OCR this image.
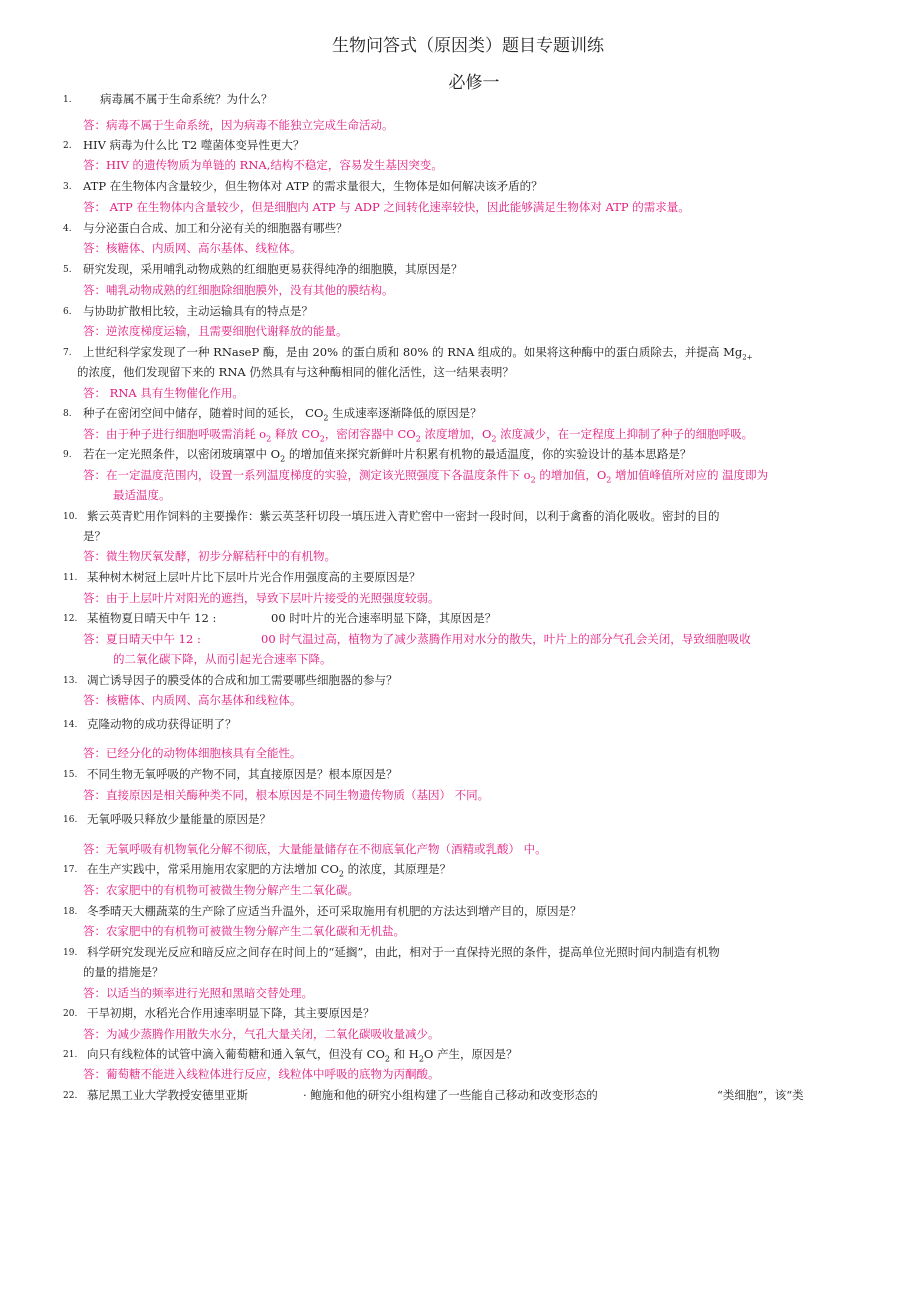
生物问答式（原因类）题目专题训练
必修一
1. 病毒属不属于生命系统？为什么？
答：病毒不属于生命系统，因为病毒不能独立完成生命活动。
2. HIV 病毒为什么比 T2 噬菌体变异性更大？
答：HIV 的遗传物质为单链的 RNA,结构不稳定，容易发生基因突变。
3. ATP 在生物体内含量较少，但生物体对 ATP 的需求量很大，生物体是如何解决该矛盾的？
答： ATP 在生物体内含量较少，但是细胞内 ATP 与 ADP 之间转化速率较快，因此能够满足生物体对 ATP 的需求量。
4. 与分泌蛋白合成、加工和分泌有关的细胞器有哪些？
答：核糖体、内质网、高尔基体、线粒体。
5. 研究发现，采用哺乳动物成熟的红细胞更易获得纯净的细胞膜，其原因是？
答：哺乳动物成熟的红细胞除细胞膜外，没有其他的膜结构。
6. 与协助扩散相比较，主动运输具有的特点是？
答：逆浓度梯度运输，且需要细胞代谢释放的能量。
7. 上世纪科学家发现了一种 RNaseP 酶，是由 20% 的蛋白质和 80% 的 RNA 组成的。如果将这种酶中的蛋白质除去，并提高 $Mg_{2+}$
的浓度，他们发现留下来的 RNA 仍然具有与这种酶相同的催化活性，这一结果表明？
答： RNA 具有生物催化作用。
8. 种子在密闭空间中储存，随着时间的延长， $CO_2$ 生成速率逐渐降低的原因是？
答：由于种子进行细胞呼吸需消耗 $o_2$ 释放 $CO_2$，密闭容器中 $CO_2$ 浓度增加，$O_2$ 浓度减少，在一定程度上抑制了种子的细胞呼吸。
9. 若在一定光照条件，以密闭玻璃罩中 $O_2$ 的增加值来探究新鲜叶片积累有机物的最适温度，你的实验设计的基本思路是？
答：在一定温度范围内，设置一系列温度梯度的实验，测定该光照强度下各温度条件下 $o_2$ 的增加值，$O_2$ 增加值峰值所对应的 温度即为
最适温度。
10. 紫云英青贮用作饲料的主要操作：紫云英茎秆切段一填压进入青贮窖中一密封一段时间，以利于禽畜的消化吸收。密封的目的
是？
答：微生物厌氧发酵，初步分解秸秆中的有机物。
11. 某种树木树冠上层叶片比下层叶片光合作用强度高的主要原因是？
答：由于上层叶片对阳光的遮挡，导致下层叶片接受的光照强度较弱。
12. 某植物夏日晴天中午 12 :	00 时叶片的光合速率明显下降，其原因是？
答：夏日晴天中午 12 :	00 时气温过高，植物为了减少蒸腾作用对水分的散失，叶片上的部分气孔会关闭，导致细胞吸收
的二氧化碳下降，从而引起光合速率下降。
13. 凋亡诱导因子的膜受体的合成和加工需要哪些细胞器的参与？
答：核糖体、内质网、高尔基体和线粒体。
14. 克隆动物的成功获得证明了？
答：已经分化的动物体细胞核具有全能性。
15. 不同生物无氧呼吸的产物不同，其直接原因是？根本原因是？
答：直接原因是相关酶种类不同，根本原因是不同生物遗传物质（基因） 不同。
16. 无氧呼吸只释放少量能量的原因是？
答：无氧呼吸有机物氧化分解不彻底，大量能量储存在不彻底氧化产物（酒精或乳酸） 中。
17. 在生产实践中，常采用施用农家肥的方法增加 $CO_2$ 的浓度，其原理是？
答：农家肥中的有机物可被微生物分解产生二氧化碳。
18. 冬季晴天大棚蔬菜的生产除了应适当升温外，还可采取施用有机肥的方法达到增产目的，原因是？
答：农家肥中的有机物可被微生物分解产生二氧化碳和无机盐。
19. 科学研究发现光反应和暗反应之间存在时间上的“延搁”，由此，相对于一直保持光照的条件，提高单位光照时间内制造有机物
的量的措施是？
答：以适当的频率进行光照和黑暗交替处理。
20. 干旱初期，水稻光合作用速率明显下降，其主要原因是？
答：为减少蒸腾作用散失水分，气孔大量关闭，二氧化碳吸收量减少。
21. 向只有线粒体的试管中滴入葡萄糖和通入氧气，但没有 $CO_2$ 和 $H_2O$ 产生，原因是？
答：葡萄糖不能进入线粒体进行反应，线粒体中呼吸的底物为丙酮酸。
22. 慕尼黑工业大学教授安德里亚斯	· 鲍施和他的研究小组构建了一些能自己移动和改变形态的	“类细胞”，该“类
